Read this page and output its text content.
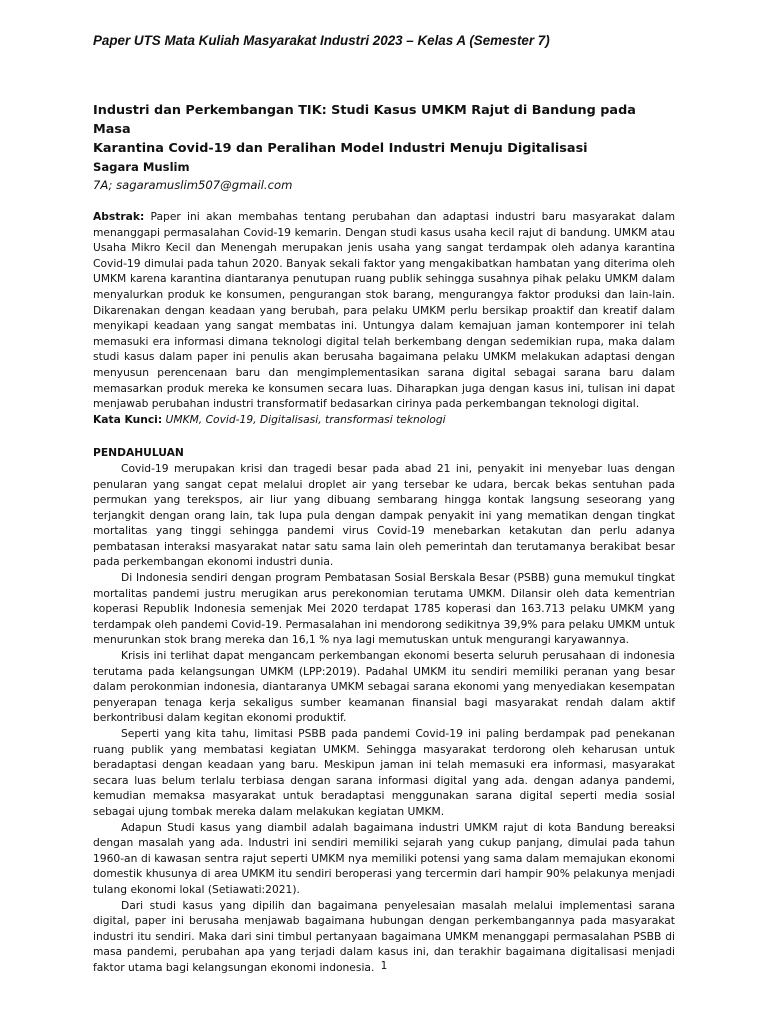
Paper UTS Mata Kuliah Masyarakat Industri 2023 – Kelas A (Semester 7)

Industri dan Perkembangan TIK: Studi Kasus UMKM Rajut di Bandung pada Masa
Karantina Covid-19 dan Peralihan Model Industri Menuju Digitalisasi

Sagara Muslim

7A; sagaramuslim507@gmail.com

Abstrak: Paper ini akan membahas tentang perubahan dan adaptasi industri baru masyarakat dalam menanggapi permasalahan Covid-19 kemarin. Dengan studi kasus usaha kecil rajut di bandung. UMKM atau Usaha Mikro Kecil dan Menengah merupakan jenis usaha yang sangat terdampak oleh adanya karantina Covid-19 dimulai pada tahun 2020. Banyak sekali faktor yang mengakibatkan hambatan yang diterima oleh UMKM karena karantina diantaranya penutupan ruang publik sehingga susahnya pihak pelaku UMKM dalam menyalurkan produk ke konsumen, pengurangan stok barang, mengurangya faktor produksi dan lain-lain. Dikarenakan dengan keadaan yang berubah, para pelaku UMKM perlu bersikap proaktif dan kreatif dalam menyikapi keadaan yang sangat membatas ini. Untungya dalam kemajuan jaman kontemporer ini telah memasuki era informasi dimana teknologi digital telah berkembang dengan sedemikian rupa, maka dalam studi kasus dalam paper ini penulis akan berusaha bagaimana pelaku UMKM melakukan adaptasi dengan menyusun perencenaan baru dan mengimplementasikan sarana digital sebagai sarana baru dalam memasarkan produk mereka ke konsumen secara luas. Diharapkan juga dengan kasus ini, tulisan ini dapat menjawab perubahan industri transformatif bedasarkan cirinya pada perkembangan teknologi digital.

Kata Kunci: UMKM, Covid-19, Digitalisasi, transformasi teknologi

PENDAHULUAN

Covid-19 merupakan krisi dan tragedi besar pada abad 21 ini, penyakit ini menyebar luas dengan penularan yang sangat cepat melalui droplet air yang tersebar ke udara, bercak bekas sentuhan pada permukan yang terekspos, air liur yang dibuang sembarang hingga kontak langsung seseorang yang terjangkit dengan orang lain, tak lupa pula dengan dampak penyakit ini yang mematikan dengan tingkat mortalitas yang tinggi sehingga pandemi virus Covid-19 menebarkan ketakutan dan perlu adanya pembatasan interaksi masyarakat natar satu sama lain oleh pemerintah dan terutamanya berakibat besar pada perkembangan ekonomi industri dunia.

Di Indonesia sendiri dengan program Pembatasan Sosial Berskala Besar (PSBB) guna memukul tingkat mortalitas pandemi justru merugikan arus perekonomian terutama UMKM. Dilansir oleh data kementrian koperasi Republik Indonesia semenjak Mei 2020 terdapat 1785 koperasi dan 163.713 pelaku UMKM yang terdampak oleh pandemi Covid-19. Permasalahan ini mendorong sedikitnya 39,9% para pelaku UMKM untuk menurunkan stok brang mereka dan 16,1 % nya lagi memutuskan untuk mengurangi karyawannya.

Krisis ini terlihat dapat mengancam perkembangan ekonomi beserta seluruh perusahaan di indonesia terutama pada kelangsungan UMKM (LPP:2019). Padahal UMKM itu sendiri memiliki peranan yang besar dalam perokonmian indonesia, diantaranya UMKM sebagai sarana ekonomi yang menyediakan kesempatan penyerapan tenaga kerja sekaligus sumber keamanan finansial bagi masyarakat rendah dalam aktif berkontribusi dalam kegitan ekonomi produktif.

Seperti yang kita tahu, limitasi PSBB pada pandemi Covid-19 ini paling berdampak pad penekanan ruang publik yang membatasi kegiatan UMKM. Sehingga masyarakat terdorong oleh keharusan untuk beradaptasi dengan keadaan yang baru. Meskipun jaman ini telah memasuki era informasi, masyarakat secara luas belum terlalu terbiasa dengan sarana informasi digital yang ada. dengan adanya pandemi, kemudian memaksa masyarakat untuk beradaptasi menggunakan sarana digital seperti media sosial sebagai ujung tombak mereka dalam melakukan kegiatan UMKM.

Adapun Studi kasus yang diambil adalah bagaimana industri UMKM rajut di kota Bandung bereaksi dengan masalah yang ada. Industri ini sendiri memiliki sejarah yang cukup panjang, dimulai pada tahun 1960-an di kawasan sentra rajut seperti UMKM nya memiliki potensi yang sama dalam memajukan ekonomi domestik khusunya di area UMKM itu sendiri beroperasi yang tercermin dari hampir 90% pelakunya menjadi tulang ekonomi lokal (Setiawati:2021).

Dari studi kasus yang dipilih dan bagaimana penyelesaian masalah melalui implementasi sarana digital, paper ini berusaha menjawab bagaimana hubungan dengan perkembangannya pada masyarakat industri itu sendiri. Maka dari sini timbul pertanyaan bagaimana UMKM menanggapi permasalahan PSBB di masa pandemi, perubahan apa yang terjadi dalam kasus ini, dan terakhir bagaimana digitalisasi menjadi faktor utama bagi kelangsungan ekonomi indonesia. 1
